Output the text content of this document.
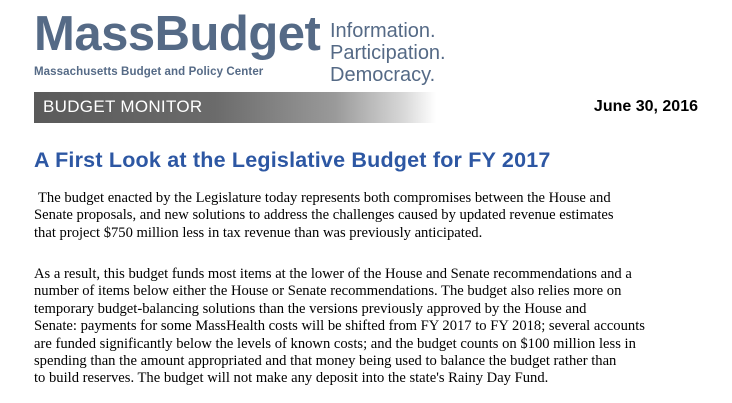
MassBudget
Massachusetts Budget and Policy Center
Information.
Participation.
Democracy.
BUDGET MONITOR	June 30, 2016
A First Look at the Legislative Budget for FY 2017

The budget enacted by the Legislature today represents both compromises between the House and
Senate proposals, and new solutions to address the challenges caused by updated revenue estimates
that project $750 million less in tax revenue than was previously anticipated.

As a result, this budget funds most items at the lower of the House and Senate recommendations and a
number of items below either the House or Senate recommendations. The budget also relies more on
temporary budget-balancing solutions than the versions previously approved by the House and
Senate: payments for some MassHealth costs will be shifted from FY 2017 to FY 2018; several accounts
are funded significantly below the levels of known costs; and the budget counts on $100 million less in
spending than the amount appropriated and that money being used to balance the budget rather than
to build reserves. The budget will not make any deposit into the state's Rainy Day Fund.
